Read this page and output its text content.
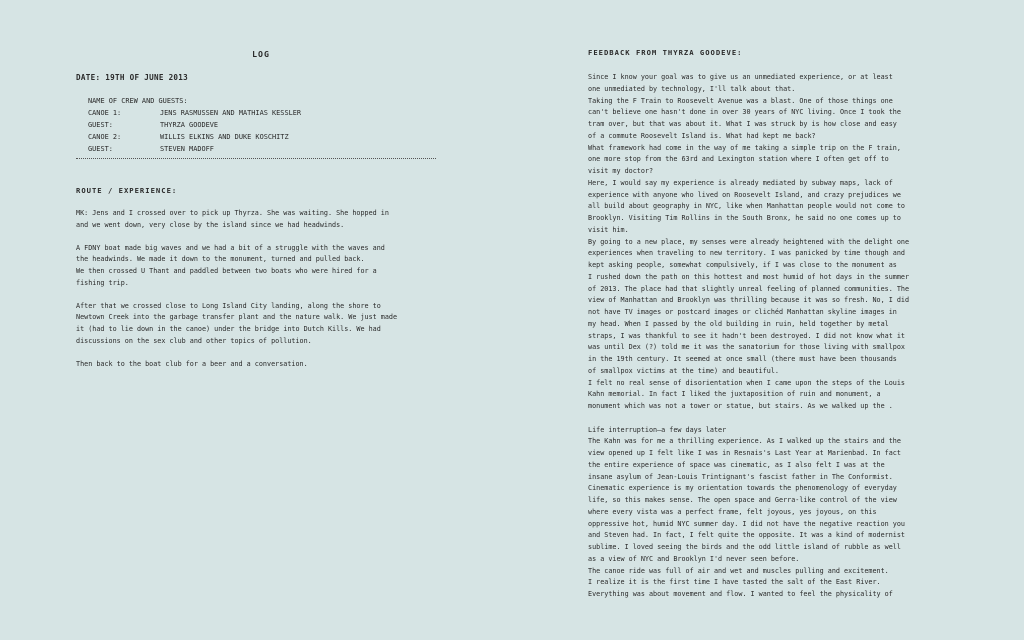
LOG
DATE: 19TH OF JUNE 2013
NAME OF CREW AND GUESTS:
CANOE 1:	JENS RASMUSSEN AND MATHIAS KESSLER
GUEST:	THYRZA GOODEVE
CANOE 2:	WILLIS ELKINS AND DUKE KOSCHITZ
GUEST:	STEVEN MADOFF
ROUTE / EXPERIENCE:

MK: Jens and I crossed over to pick up Thyrza. She was waiting. She hopped in
and we went down, very close by the island since we had headwinds.

A FDNY boat made big waves and we had a bit of a struggle with the waves and
the headwinds. We made it down to the monument, turned and pulled back.
We then crossed U Thant and paddled between two boats who were hired for a
fishing trip.

After that we crossed close to Long Island City landing, along the shore to
Newtown Creek into the garbage transfer plant and the nature walk. We just made
it (had to lie down in the canoe) under the bridge into Dutch Kills. We had
discussions on the sex club and other topics of pollution.

Then back to the boat club for a beer and a conversation.

FEEDBACK FROM THYRZA GOODEVE:

Since I know your goal was to give us an unmediated experience, or at least

one unmediated by technology, I'll talk about that.

Taking the F Train to Roosevelt Avenue was a blast. One of those things one

can't believe one hasn't done in over 30 years of NYC living. Once I took the

tram over, but that was about it. What I was struck by is how close and easy

of a commute Roosevelt Island is. What had kept me back?

What framework had come in the way of me taking a simple trip on the F train,

one more stop from the 63rd and Lexington station where I often get off to

visit my doctor?

Here, I would say my experience is already mediated by subway maps, lack of

experience with anyone who lived on Roosevelt Island, and crazy prejudices we

all build about geography in NYC, like when Manhattan people would not come to

Brooklyn. Visiting Tim Rollins in the South Bronx, he said no one comes up to

visit him.

By going to a new place, my senses were already heightened with the delight one

experiences when traveling to new territory. I was panicked by time though and

kept asking people, somewhat compulsively, if I was close to the monument as

I rushed down the path on this hottest and most humid of hot days in the summer

of 2013. The place had that slightly unreal feeling of planned communities. The

view of Manhattan and Brooklyn was thrilling because it was so fresh. No, I did

not have TV images or postcard images or clichéd Manhattan skyline images in

my head. When I passed by the old building in ruin, held together by metal

straps, I was thankful to see it hadn't been destroyed. I did not know what it

was until Dex (?) told me it was the sanatorium for those living with smallpox

in the 19th century. It seemed at once small (there must have been thousands

of smallpox victims at the time) and beautiful.

I felt no real sense of disorientation when I came upon the steps of the Louis

Kahn memorial. In fact I liked the juxtaposition of ruin and monument, a

monument which was not a tower or statue, but stairs. As we walked up the .

Life interruption—a few days later

The Kahn was for me a thrilling experience. As I walked up the stairs and the

view opened up I felt like I was in Resnais's Last Year at Marienbad. In fact

the entire experience of space was cinematic, as I also felt I was at the

insane asylum of Jean-Louis Trintignant's fascist father in The Conformist.

Cinematic experience is my orientation towards the phenomenology of everyday

life, so this makes sense. The open space and Gerra-like control of the view

where every vista was a perfect frame, felt joyous, yes joyous, on this

oppressive hot, humid NYC summer day. I did not have the negative reaction you

and Steven had. In fact, I felt quite the opposite. It was a kind of modernist

sublime. I loved seeing the birds and the odd little island of rubble as well

as a view of NYC and Brooklyn I'd never seen before.

The canoe ride was full of air and wet and muscles pulling and excitement.

I realize it is the first time I have tasted the salt of the East River.

Everything was about movement and flow. I wanted to feel the physicality of
